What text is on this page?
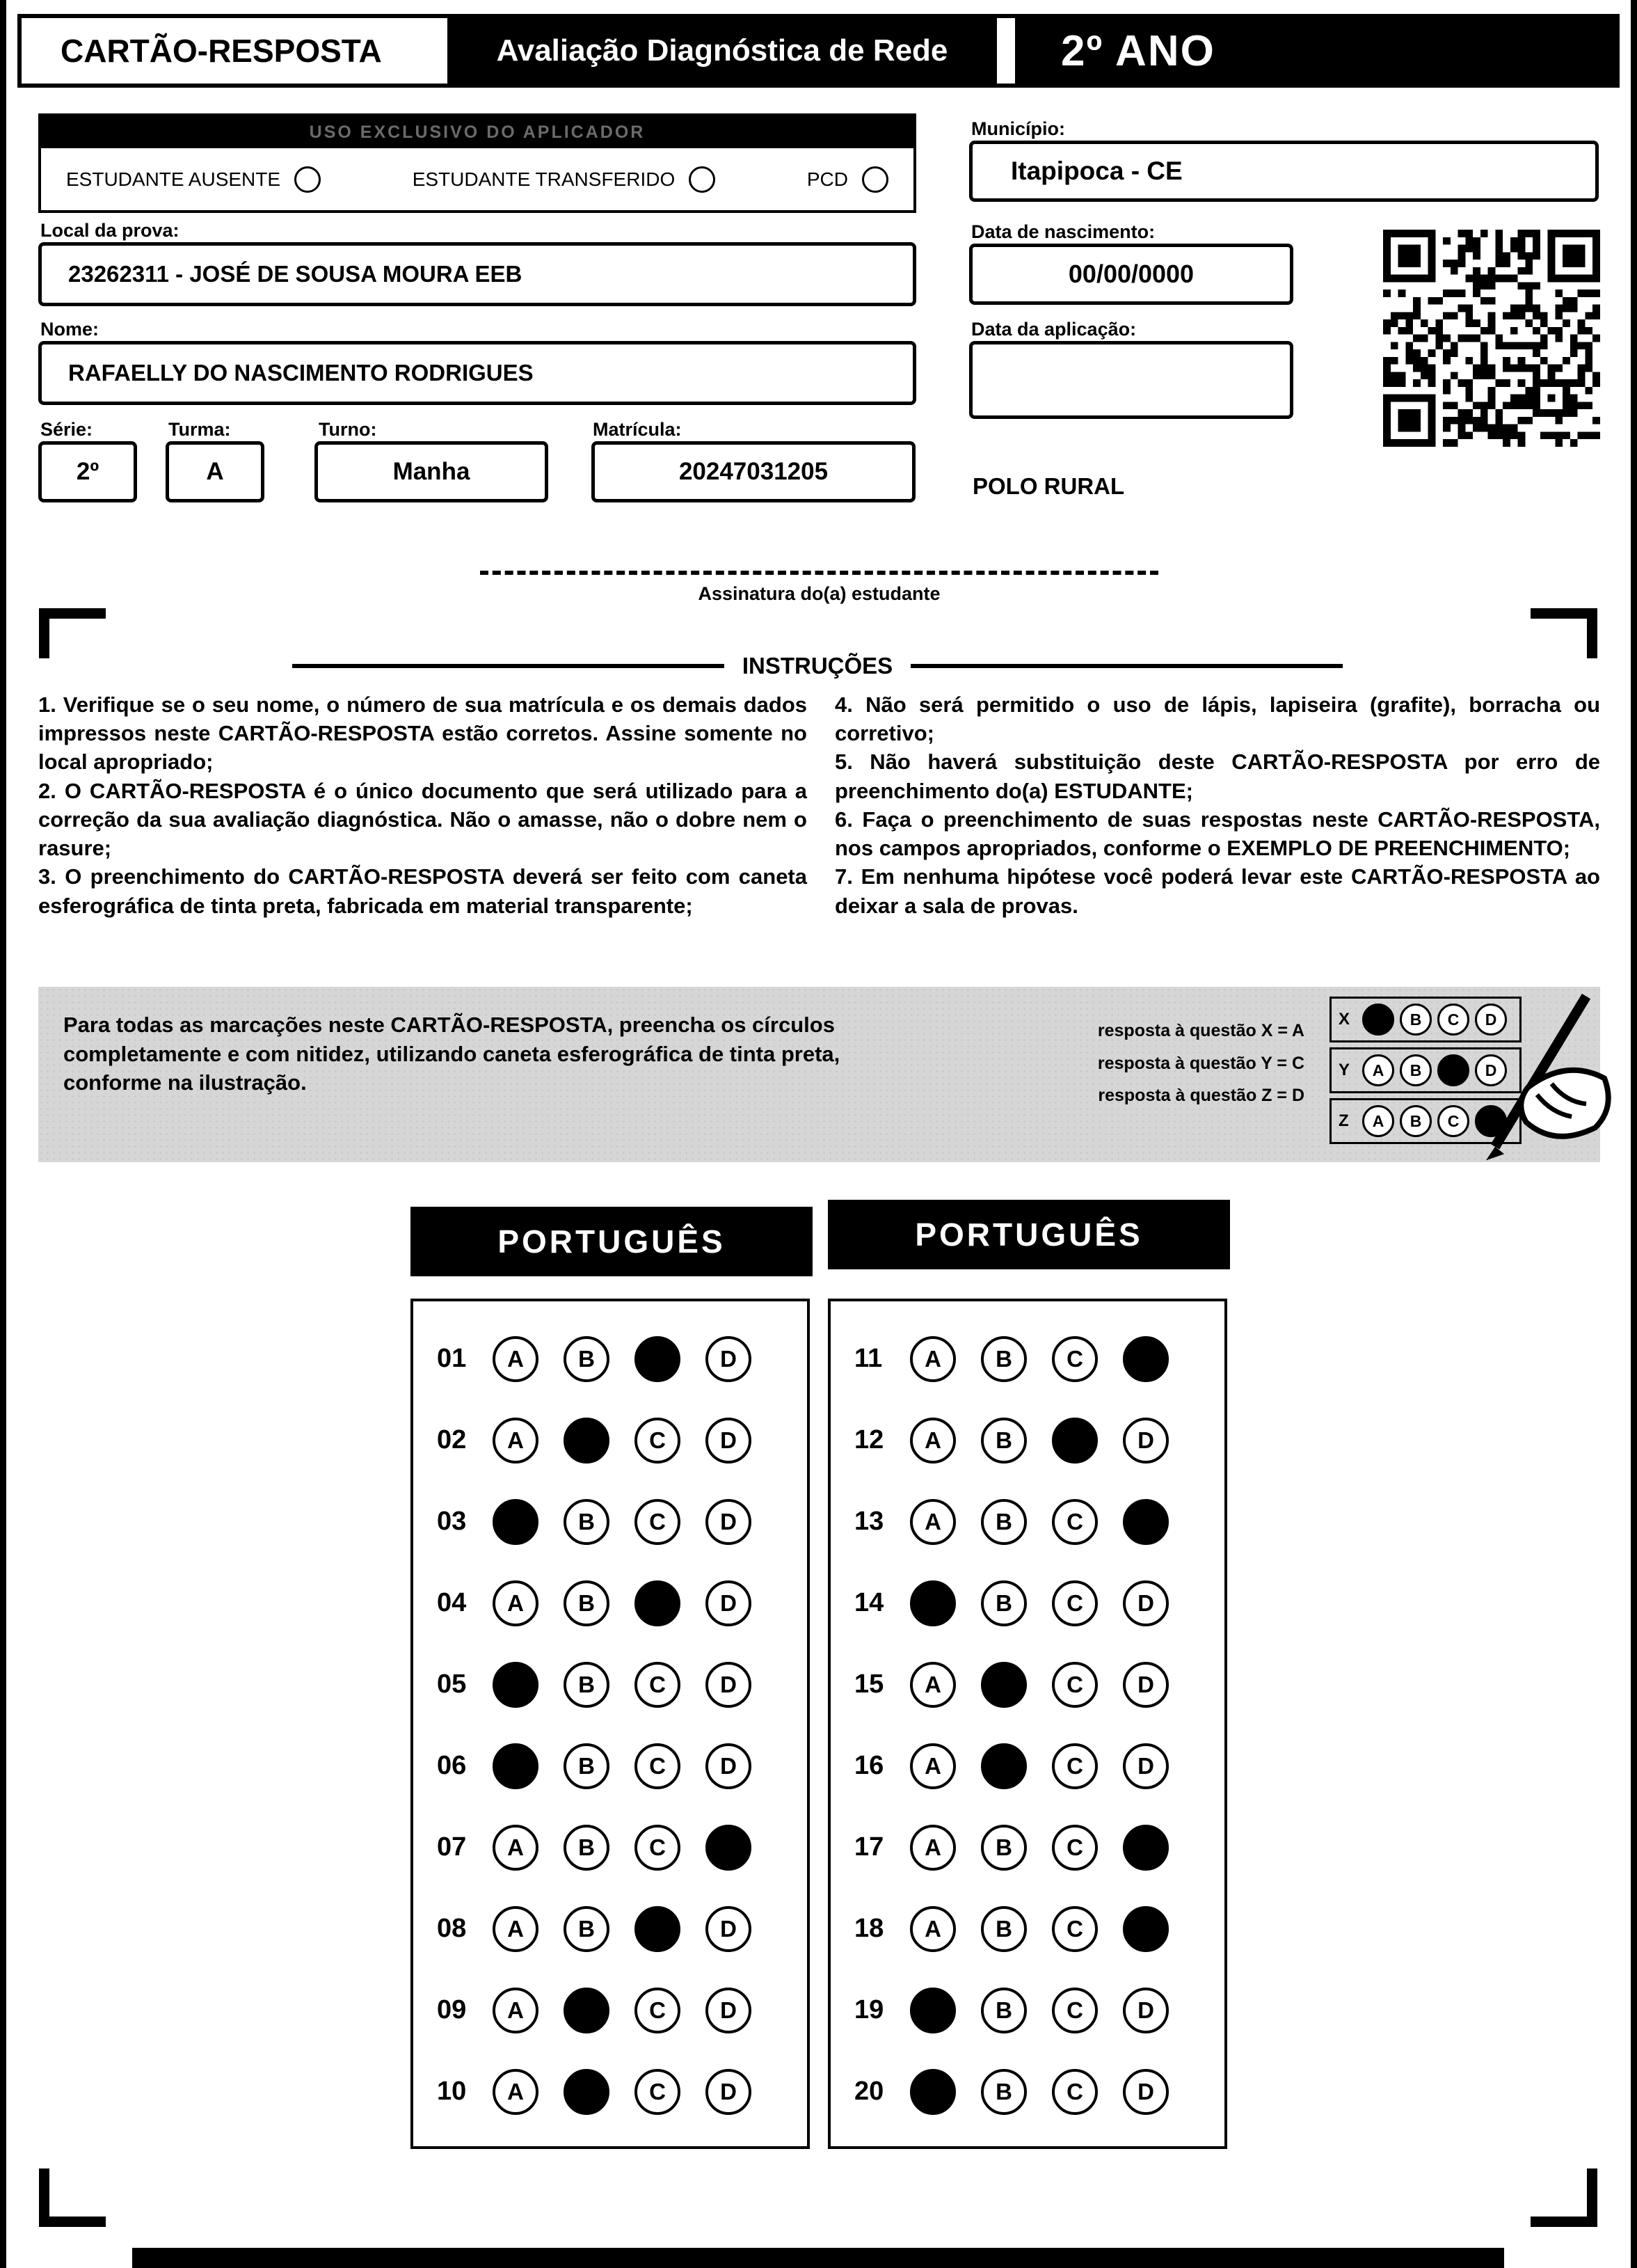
CARTÃO-RESPOSTA	Avaliação Diagnóstica de Rede	2º ANO
USO EXCLUSIVO DO APLICADOR
ESTUDANTE AUSENTE	ESTUDANTE TRANSFERIDO	PCD
Local da prova:
23262311 - JOSÉ DE SOUSA MOURA EEB
Nome:
RAFAELLY DO NASCIMENTO RODRIGUES
Série:	Turma:	Turno:	Matrícula:
2º	A	Manha	20247031205
Município:
Itapipoca - CE
Data de nascimento:
00/00/0000
Data da aplicação:
POLO RURAL
Assinatura do(a) estudante
INSTRUÇÕES

1. Verifique se o seu nome, o número de sua matrícula e os demais dados impressos neste CARTÃO-RESPOSTA estão corretos. Assine somente no local apropriado;

2. O CARTÃO-RESPOSTA é o único documento que será utilizado para a correção da sua avaliação diagnóstica. Não o amasse, não o dobre nem o rasure;

3. O preenchimento do CARTÃO-RESPOSTA deverá ser feito com caneta esferográfica de tinta preta, fabricada em material transparente;

4. Não será permitido o uso de lápis, lapiseira (grafite), borracha ou corretivo;

5. Não haverá substituição deste CARTÃO-RESPOSTA por erro de preenchimento do(a) ESTUDANTE;

6. Faça o preenchimento de suas respostas neste CARTÃO-RESPOSTA, nos campos apropriados, conforme o EXEMPLO DE PREENCHIMENTO;

7. Em nenhuma hipótese você poderá levar este CARTÃO-RESPOSTA ao deixar a sala de provas.

Para todas as marcações neste CARTÃO-RESPOSTA, preencha os círculos completamente e com nitidez, utilizando caneta esferográfica de tinta preta, conforme na ilustração.
resposta à questão X = A
resposta à questão Y = C
resposta à questão Z = D
X	A	B	C	D
Y	A	B	C	D
Z	A	B	C	D
PORTUGUÊS	PORTUGUÊS
01	A	B	C	D
02	A	B	C	D
03	A	B	C	D
04	A	B	C	D
05	A	B	C	D
06	A	B	C	D
07	A	B	C	D
08	A	B	C	D
09	A	B	C	D
10	A	B	C	D
11	A	B	C	D
12	A	B	C	D
13	A	B	C	D
14	A	B	C	D
15	A	B	C	D
16	A	B	C	D
17	A	B	C	D
18	A	B	C	D
19	A	B	C	D
20	A	B	C	D
